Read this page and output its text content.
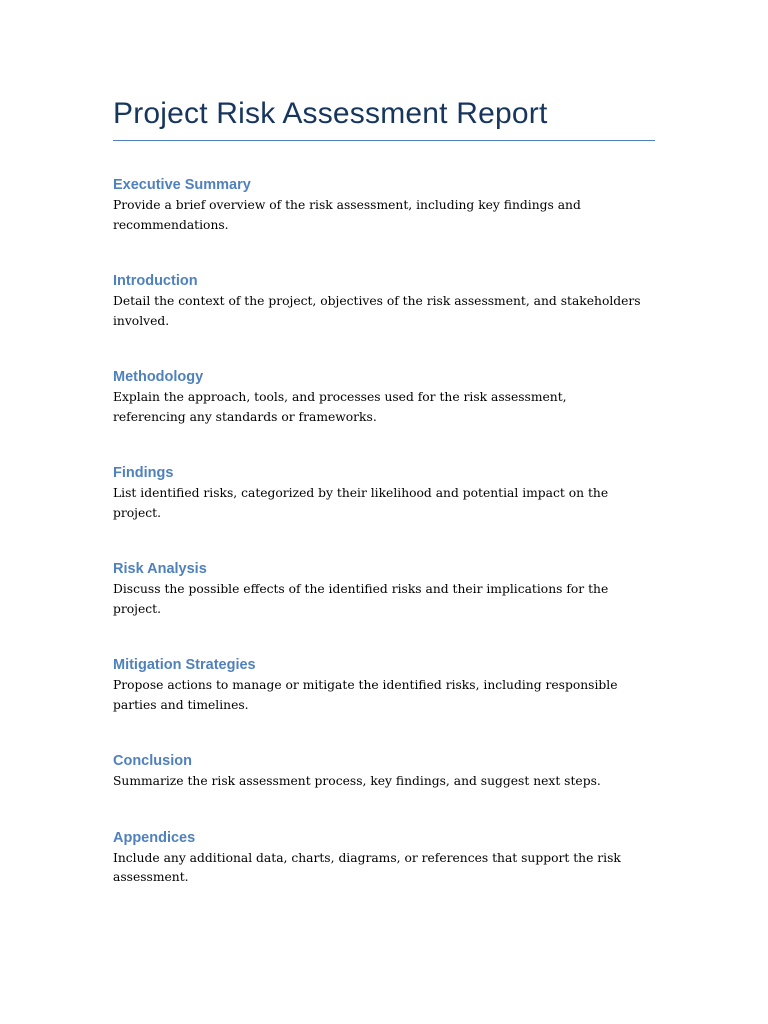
Project Risk Assessment Report
Executive Summary

Provide a brief overview of the risk assessment, including key findings and recommendations.

Introduction

Detail the context of the project, objectives of the risk assessment, and stakeholders involved.

Methodology

Explain the approach, tools, and processes used for the risk assessment, referencing any standards or frameworks.

Findings

List identified risks, categorized by their likelihood and potential impact on the project.

Risk Analysis

Discuss the possible effects of the identified risks and their implications for the project.

Mitigation Strategies

Propose actions to manage or mitigate the identified risks, including responsible parties and timelines.

Conclusion

Summarize the risk assessment process, key findings, and suggest next steps.

Appendices

Include any additional data, charts, diagrams, or references that support the risk assessment.
